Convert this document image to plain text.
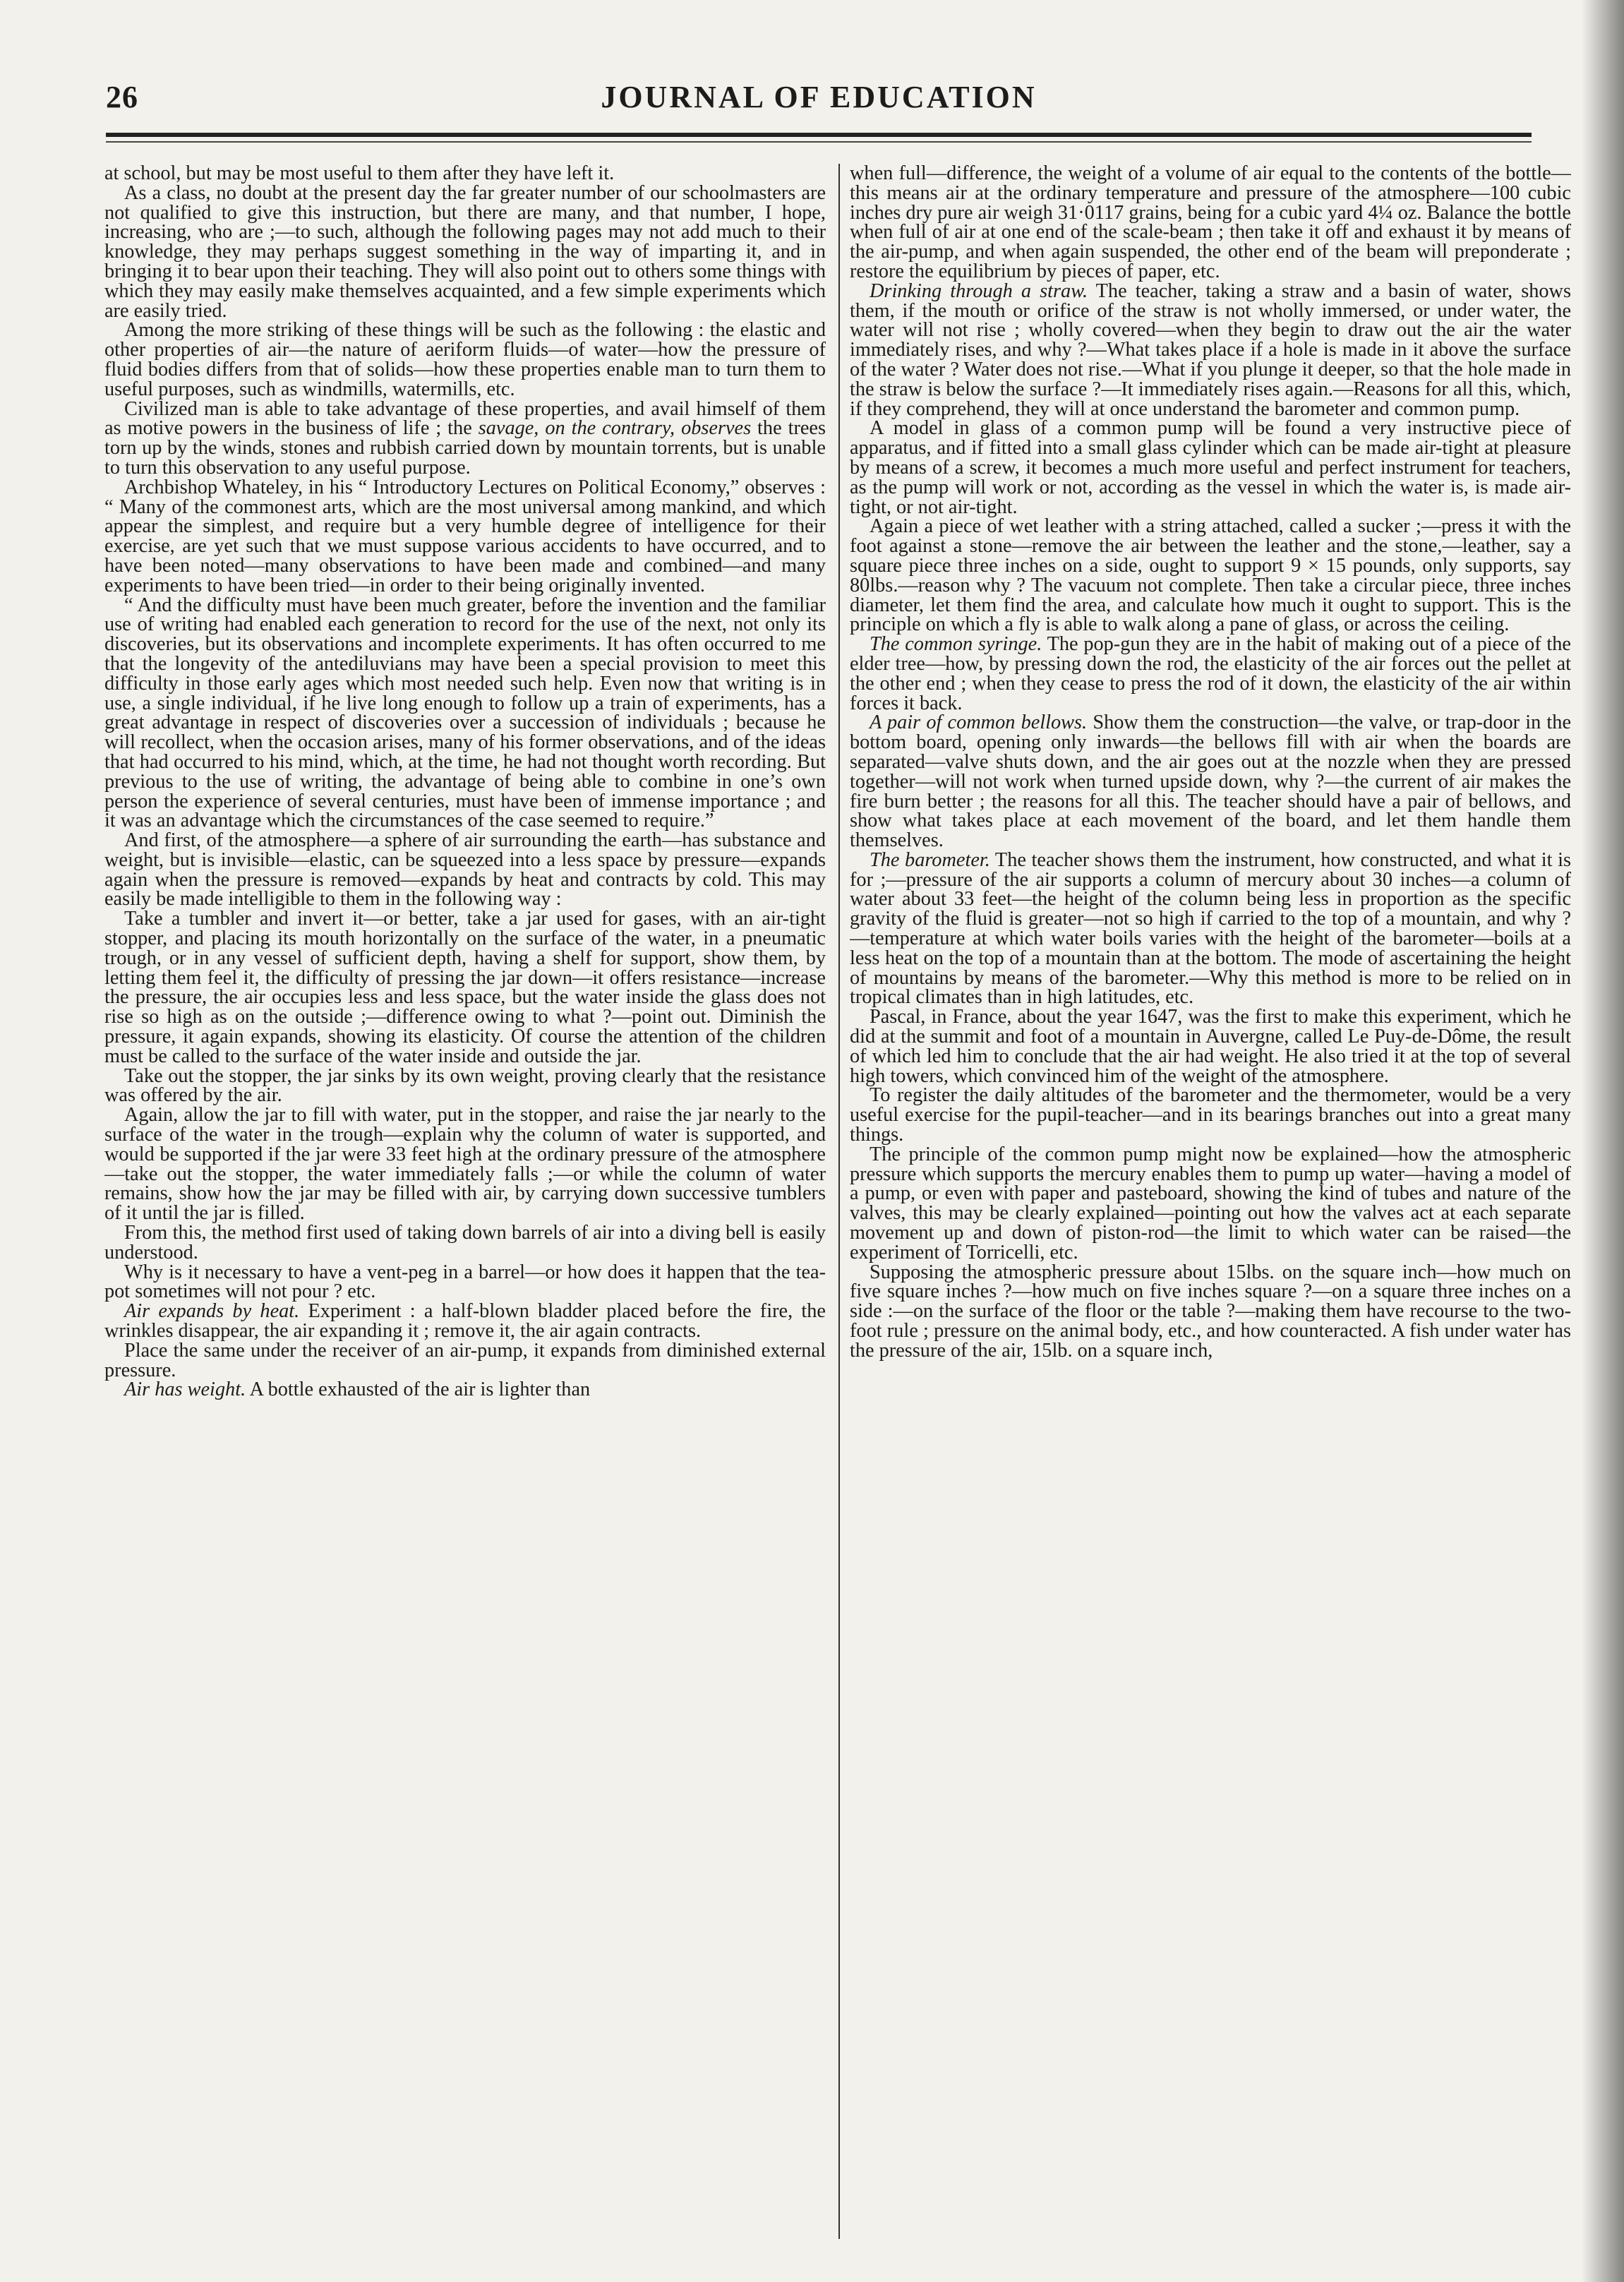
26	JOURNAL OF EDUCATION

at school, but may be most useful to them after they have left it.

As a class, no doubt at the present day the far greater number of our schoolmasters are not qualified to give this instruction, but there are many, and that number, I hope, increasing, who are ;—to such, although the following pages may not add much to their knowledge, they may perhaps suggest something in the way of imparting it, and in bringing it to bear upon their teaching. They will also point out to others some things with which they may easily make themselves acquainted, and a few simple experiments which are easily tried.

Among the more striking of these things will be such as the following : the elastic and other properties of air—the nature of aeriform fluids—of water—how the pressure of fluid bodies differs from that of solids—how these properties enable man to turn them to useful purposes, such as windmills, watermills, etc.

Civilized man is able to take advantage of these properties, and avail himself of them as motive powers in the business of life ; the savage, on the contrary, observes the trees torn up by the winds, stones and rubbish carried down by mountain torrents, but is unable to turn this observation to any useful purpose.

Archbishop Whateley, in his “ Introductory Lectures on Political Economy,” observes : “ Many of the commonest arts, which are the most universal among mankind, and which appear the simplest, and require but a very humble degree of intelligence for their exercise, are yet such that we must suppose various accidents to have occurred, and to have been noted—many observations to have been made and combined—and many experiments to have been tried—in order to their being originally invented.

“ And the difficulty must have been much greater, before the invention and the familiar use of writing had enabled each generation to record for the use of the next, not only its discoveries, but its observations and incomplete experiments. It has often occurred to me that the longevity of the antediluvians may have been a special provision to meet this difficulty in those early ages which most needed such help. Even now that writing is in use, a single individual, if he live long enough to follow up a train of experiments, has a great advantage in respect of discoveries over a succession of individuals ; because he will recollect, when the occasion arises, many of his former observations, and of the ideas that had occurred to his mind, which, at the time, he had not thought worth recording. But previous to the use of writing, the advantage of being able to combine in one’s own person the experience of several centuries, must have been of immense importance ; and it was an advantage which the circumstances of the case seemed to require.”

And first, of the atmosphere—a sphere of air surrounding the earth—has substance and weight, but is invisible—elastic, can be squeezed into a less space by pressure—expands again when the pressure is removed—expands by heat and contracts by cold. This may easily be made intelligible to them in the following way :

Take a tumbler and invert it—or better, take a jar used for gases, with an air-tight stopper, and placing its mouth horizontally on the surface of the water, in a pneumatic trough, or in any vessel of sufficient depth, having a shelf for support, show them, by letting them feel it, the difficulty of pressing the jar down—it offers resistance—increase the pressure, the air occupies less and less space, but the water inside the glass does not rise so high as on the outside ;—difference owing to what ?—point out. Diminish the pressure, it again expands, showing its elasticity. Of course the attention of the children must be called to the surface of the water inside and outside the jar.

Take out the stopper, the jar sinks by its own weight, proving clearly that the resistance was offered by the air.

Again, allow the jar to fill with water, put in the stopper, and raise the jar nearly to the surface of the water in the trough—explain why the column of water is supported, and would be supported if the jar were 33 feet high at the ordinary pressure of the atmosphere—take out the stopper, the water immediately falls ;—or while the column of water remains, show how the jar may be filled with air, by carrying down successive tumblers of it until the jar is filled.

From this, the method first used of taking down barrels of air into a diving bell is easily understood.

Why is it necessary to have a vent-peg in a barrel—or how does it happen that the tea-pot sometimes will not pour ? etc.

Air expands by heat. Experiment : a half-blown bladder placed before the fire, the wrinkles disappear, the air expanding it ; remove it, the air again contracts.

Place the same under the receiver of an air-pump, it expands from diminished external pressure.

Air has weight. A bottle exhausted of the air is lighter than

when full—difference, the weight of a volume of air equal to the contents of the bottle—this means air at the ordinary temperature and pressure of the atmosphere—100 cubic inches dry pure air weigh 31·0117 grains, being for a cubic yard 4¼ oz. Balance the bottle when full of air at one end of the scale-beam ; then take it off and exhaust it by means of the air-pump, and when again suspended, the other end of the beam will preponderate ; restore the equilibrium by pieces of paper, etc.

Drinking through a straw. The teacher, taking a straw and a basin of water, shows them, if the mouth or orifice of the straw is not wholly immersed, or under water, the water will not rise ; wholly covered—when they begin to draw out the air the water immediately rises, and why ?—What takes place if a hole is made in it above the surface of the water ? Water does not rise.—What if you plunge it deeper, so that the hole made in the straw is below the surface ?—It immediately rises again.—Reasons for all this, which, if they comprehend, they will at once understand the barometer and common pump.

A model in glass of a common pump will be found a very instructive piece of apparatus, and if fitted into a small glass cylinder which can be made air-tight at pleasure by means of a screw, it becomes a much more useful and perfect instrument for teachers, as the pump will work or not, according as the vessel in which the water is, is made air-tight, or not air-tight.

Again a piece of wet leather with a string attached, called a sucker ;—press it with the foot against a stone—remove the air between the leather and the stone,—leather, say a square piece three inches on a side, ought to support 9 × 15 pounds, only supports, say 80lbs.—reason why ? The vacuum not complete. Then take a circular piece, three inches diameter, let them find the area, and calculate how much it ought to support. This is the principle on which a fly is able to walk along a pane of glass, or across the ceiling.

The common syringe. The pop-gun they are in the habit of making out of a piece of the elder tree—how, by pressing down the rod, the elasticity of the air forces out the pellet at the other end ; when they cease to press the rod of it down, the elasticity of the air within forces it back.

A pair of common bellows. Show them the construction—the valve, or trap-door in the bottom board, opening only inwards—the bellows fill with air when the boards are separated—valve shuts down, and the air goes out at the nozzle when they are pressed together—will not work when turned upside down, why ?—the current of air makes the fire burn better ; the reasons for all this. The teacher should have a pair of bellows, and show what takes place at each movement of the board, and let them handle them themselves.

The barometer. The teacher shows them the instrument, how constructed, and what it is for ;—pressure of the air supports a column of mercury about 30 inches—a column of water about 33 feet—the height of the column being less in proportion as the specific gravity of the fluid is greater—not so high if carried to the top of a mountain, and why ?—temperature at which water boils varies with the height of the barometer—boils at a less heat on the top of a mountain than at the bottom. The mode of ascertaining the height of mountains by means of the barometer.—Why this method is more to be relied on in tropical climates than in high latitudes, etc.

Pascal, in France, about the year 1647, was the first to make this experiment, which he did at the summit and foot of a mountain in Auvergne, called Le Puy-de-Dôme, the result of which led him to conclude that the air had weight. He also tried it at the top of several high towers, which convinced him of the weight of the atmosphere.

To register the daily altitudes of the barometer and the thermometer, would be a very useful exercise for the pupil-teacher—and in its bearings branches out into a great many things.

The principle of the common pump might now be explained—how the atmospheric pressure which supports the mercury enables them to pump up water—having a model of a pump, or even with paper and pasteboard, showing the kind of tubes and nature of the valves, this may be clearly explained—pointing out how the valves act at each separate movement up and down of piston-rod—the limit to which water can be raised—the experiment of Torricelli, etc.

Supposing the atmospheric pressure about 15lbs. on the square inch—how much on five square inches ?—how much on five inches square ?—on a square three inches on a side :—on the surface of the floor or the table ?—making them have recourse to the two-foot rule ; pressure on the animal body, etc., and how counteracted. A fish under water has the pressure of the air, 15lb. on a square inch,
